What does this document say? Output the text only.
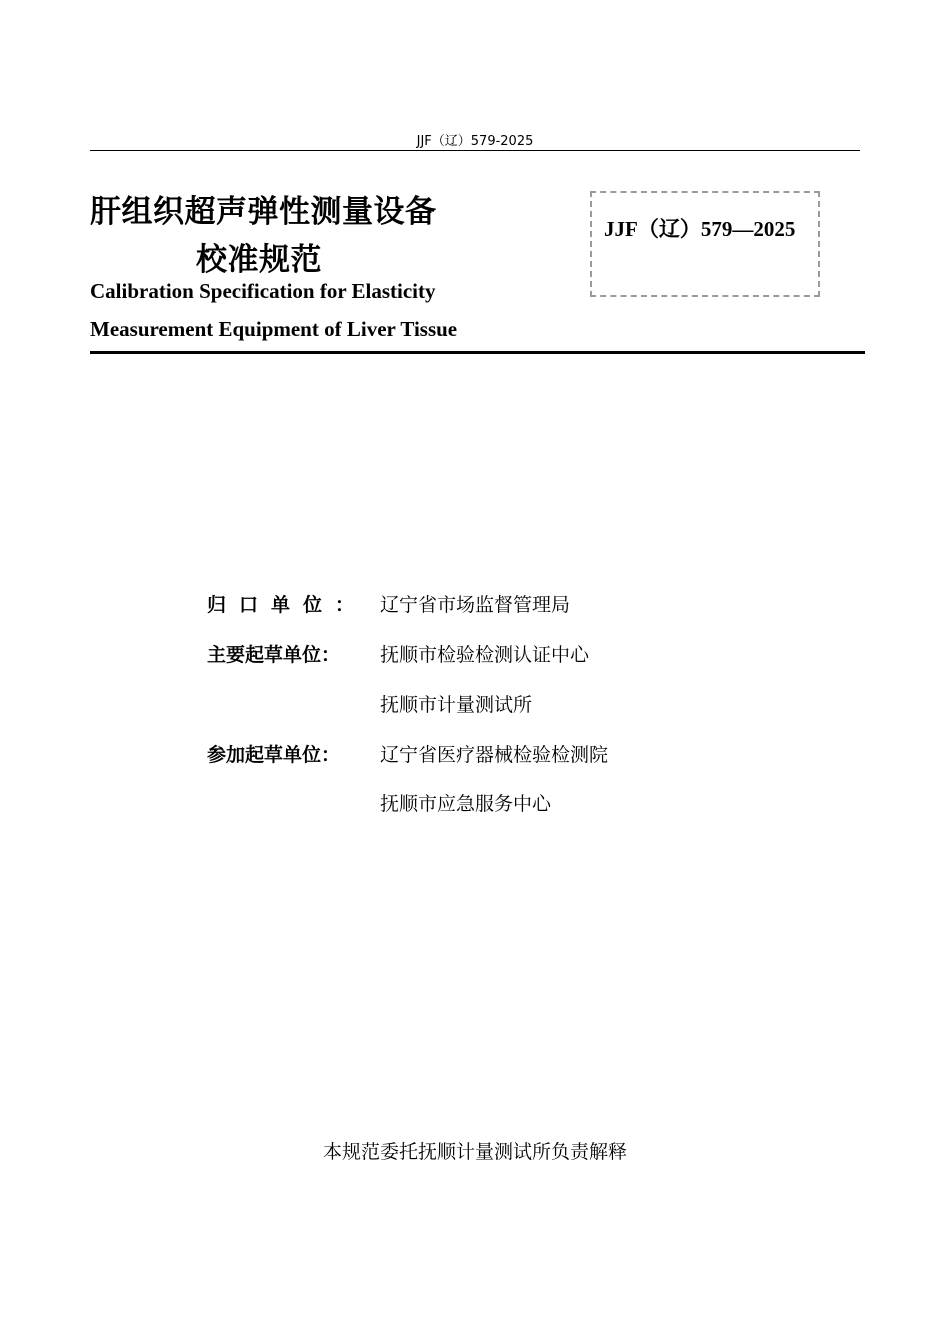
JJF（辽）579-2025
肝组织超声弹性测量设备
校准规范
Calibration Specification for Elasticity
Measurement Equipment of Liver Tissue
JJF（辽）579—2025
归口单位： 辽宁省市场监督管理局
主要起草单位： 抚顺市检验检测认证中心
抚顺市计量测试所
参加起草单位： 辽宁省医疗器械检验检测院
抚顺市应急服务中心
本规范委托抚顺计量测试所负责解释
